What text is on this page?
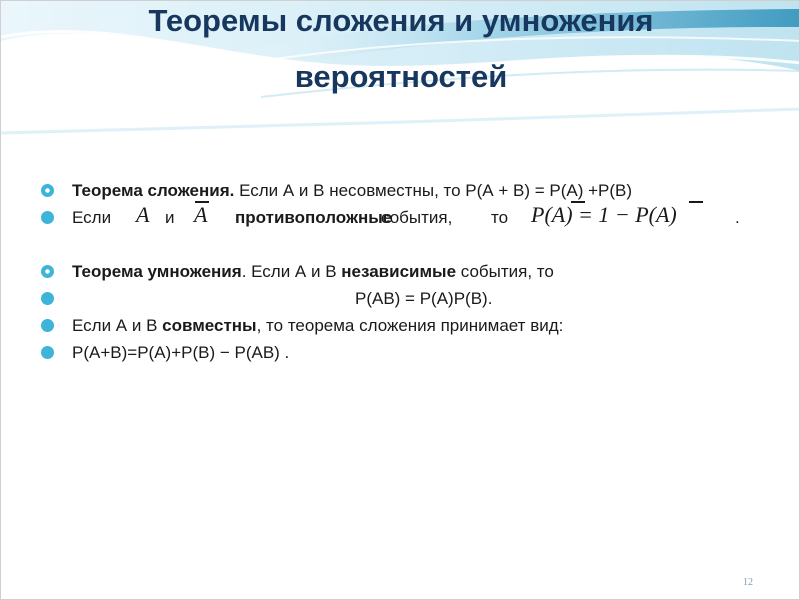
Теоремы сложения и умножения
вероятностей
Теорема сложения. Если А и В несовместны, то Р(А + В) = Р(А) +Р(В)
Если A и A противоположные
события, то P(A) = 1 − P(A)	.
Теорема умножения. Если А и В независимые события, то
Р(АВ) = Р(А)Р(В).
Если А и В совместны, то теорема сложения принимает вид:
Р(А+В)=Р(А)+Р(В) − Р(АВ) .
12
